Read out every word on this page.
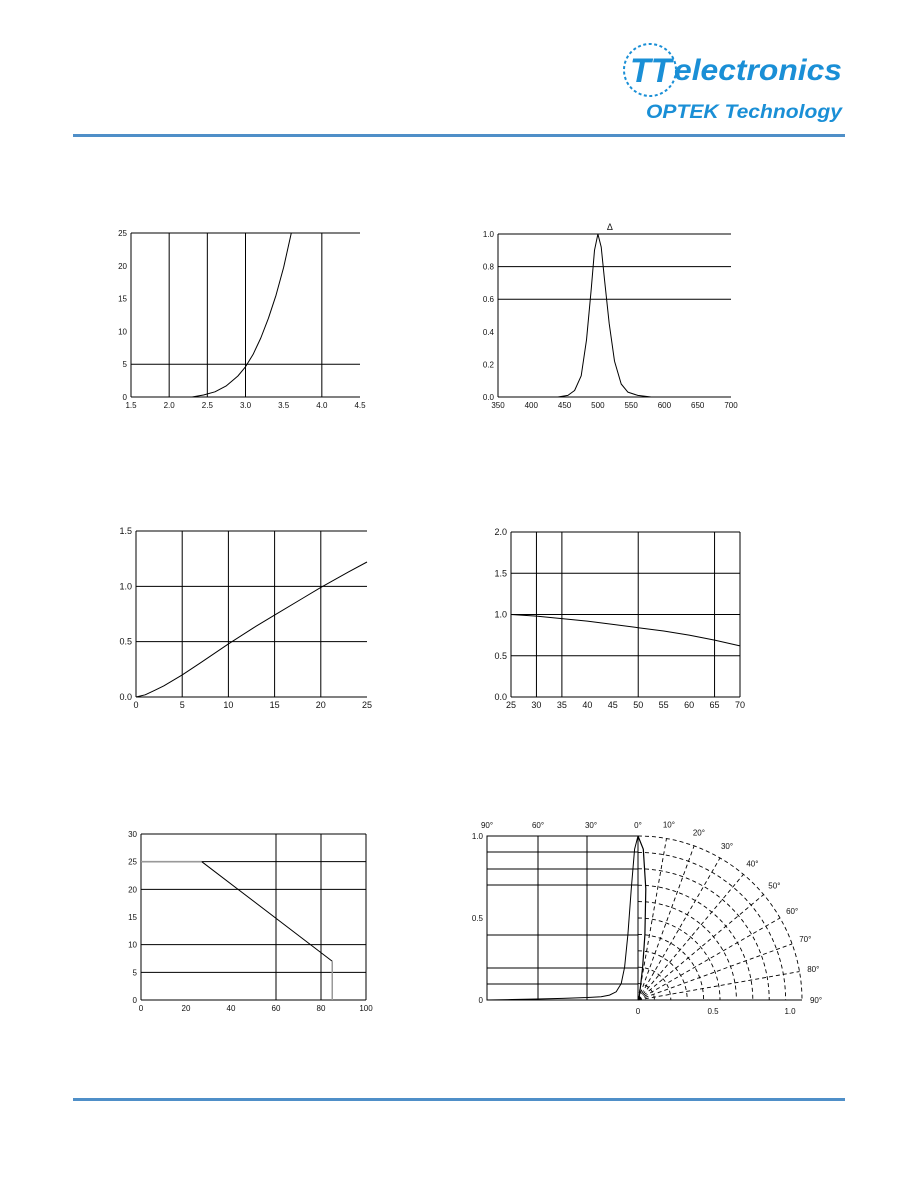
TT electronics
OPTEK Technology
1.5	2.0	2.5	3.0	3.5	4.0	4.5
0
5
10
15
20
25
350 400 450 500 550 600 650 700
0.0
0.2
0.4
0.6
0.8
1.0
Δ
0	5	10	15	20	25
0.0
0.5
1.0
1.5
25 30 35 40 45 50 55 60 65 70
0.0
0.5
1.0
1.5
2.0
0	20	40	60	80	100
0
5
10
15
20
25
30
0
0.5
1.0
90°	60°	30°	0°
0	0.5	1.0
10°
20°
30°
40°
50°
60°
70°
80°
90°
